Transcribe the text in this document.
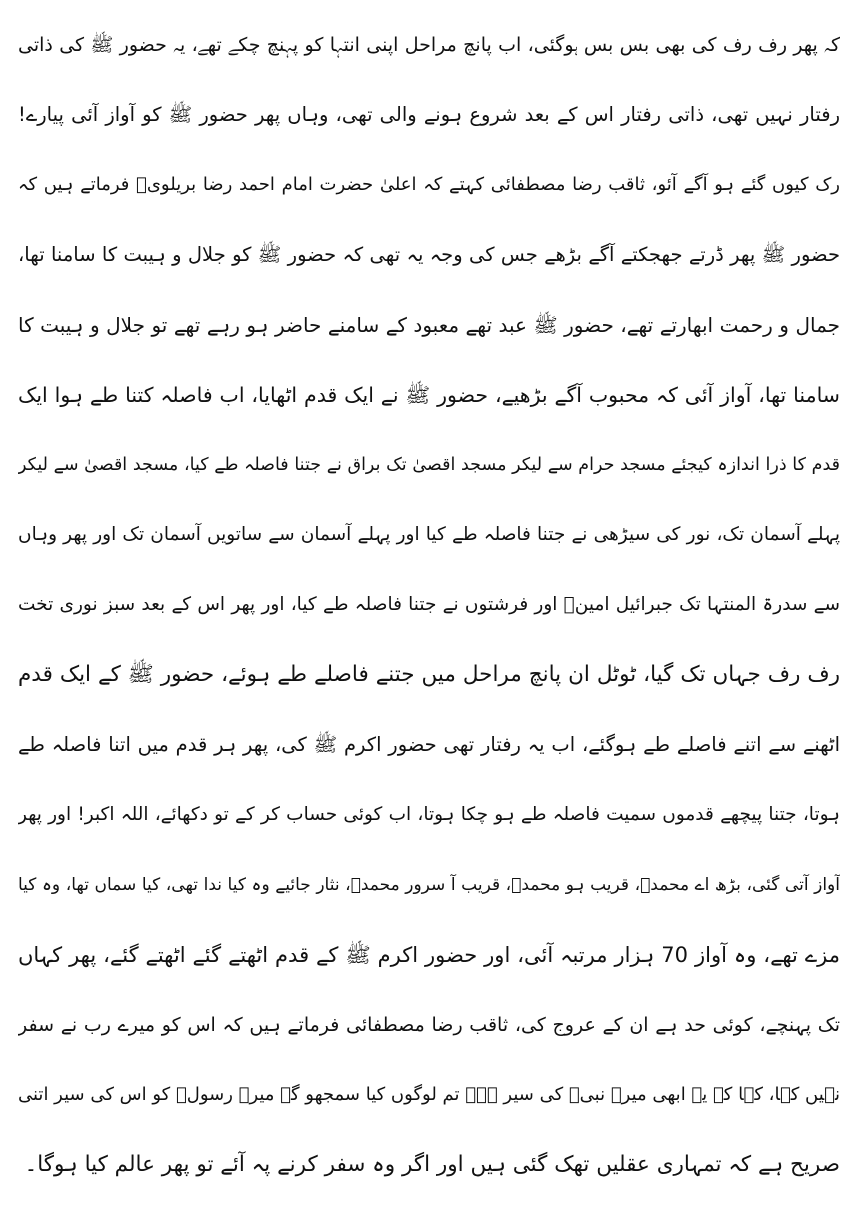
کہ پھر رف رف کی بھی بس بس ہوگئی، اب پانچ مراحل اپنی انتہا کو پہنچ چکے تھے، یہ حضور ﷺ کی ذاتی
رفتار نہیں تھی، ذاتی رفتار اس کے بعد شروع ہونے والی تھی، وہاں پھر حضور ﷺ کو آواز آئی پیارے!
رک کیوں گئے ہو آگے آئو، ثاقب رضا مصطفائی کہتے کہ اعلیٰ حضرت امام احمد رضا بریلویؒ فرماتے ہیں کہ
حضور ﷺ پھر ڈرتے جھجکتے آگے بڑھے جس کی وجہ یہ تھی کہ حضور ﷺ کو جلال و ہیبت کا سامنا تھا،
جمال و رحمت ابھارتے تھے، حضور ﷺ عبد تھے معبود کے سامنے حاضر ہو رہے تھے تو جلال و ہیبت کا
سامنا تھا، آواز آئی کہ محبوب آگے بڑھیے، حضور ﷺ نے ایک قدم اٹھایا، اب فاصلہ کتنا طے ہوا ایک
قدم کا ذرا اندازہ کیجئے مسجد حرام سے لیکر مسجد اقصیٰ تک براق نے جتنا فاصلہ طے کیا، مسجد اقصیٰ سے لیکر
پہلے آسمان تک، نور کی سیڑھی نے جتنا فاصلہ طے کیا اور پہلے آسمان سے ساتویں آسمان تک اور پھر وہاں
سے سدرۃ المنتہا تک جبرائیل امینؑ اور فرشتوں نے جتنا فاصلہ طے کیا، اور پھر اس کے بعد سبز نوری تخت
رف رف جہاں تک گیا، ٹوٹل ان پانچ مراحل میں جتنے فاصلے طے ہوئے، حضور ﷺ کے ایک قدم
اٹھنے سے اتنے فاصلے طے ہوگئے، اب یہ رفتار تھی حضور اکرم ﷺ کی، پھر ہر قدم میں اتنا فاصلہ طے
ہوتا، جتنا پیچھے قدموں سمیت فاصلہ طے ہو چکا ہوتا، اب کوئی حساب کر کے تو دکھائے، اللہ اکبر! اور پھر
آواز آتی گئی، بڑھ اے محمدؐ، قریب ہو محمدؐ، قریب آ سرور محمدؐ، نثار جائیے وہ کیا ندا تھی، کیا سماں تھا، وہ کیا
مزے تھے، وہ آواز 70 ہزار مرتبہ آئی، اور حضور اکرم ﷺ کے قدم اٹھتے گئے اٹھتے گئے، پھر کہاں
تک پہنچے، کوئی حد ہے ان کے عروج کی، ثاقب رضا مصطفائی فرماتے ہیں کہ اس کو میرے رب نے سفر
نہیں کہا، کہا کہ یہ ابھی میرے نبیؐ کی سیر ہے۔ تم لوگوں کیا سمجھو گے میرے رسولؐ کو اس کی سیر اتنی
صریح ہے کہ تمہاری عقلیں تھک گئی ہیں اور اگر وہ سفر کرنے پہ آئے تو پھر عالم کیا ہوگا۔
